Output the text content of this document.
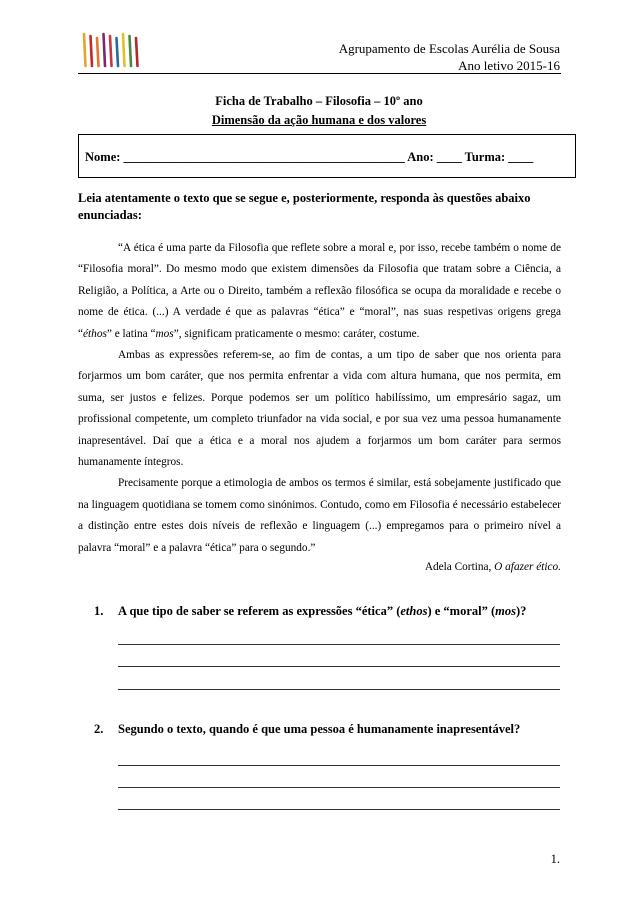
Agrupamento de Escolas Aurélia de Sousa
Ano letivo 2015-16
Ficha de Trabalho – Filosofia – 10º ano
Dimensão da ação humana e dos valores
Nome: _____________________________________________ Ano: ____ Turma: ____
Leia atentamente o texto que se segue e, posteriormente, responda às questões abaixo enunciadas:

“A ética é uma parte da Filosofia que reflete sobre a moral e, por isso, recebe também o nome de “Filosofia moral”. Do mesmo modo que existem dimensões da Filosofia que tratam sobre a Ciência, a Religião, a Política, a Arte ou o Direito, também a reflexão filosófica se ocupa da moralidade e recebe o nome de ética. (...) A verdade é que as palavras “ética” e “moral”, nas suas respetivas origens grega “éthos” e latina “mos”, significam praticamente o mesmo: caráter, costume.

Ambas as expressões referem-se, ao fim de contas, a um tipo de saber que nos orienta para forjarmos um bom caráter, que nos permita enfrentar a vida com altura humana, que nos permita, em suma, ser justos e felizes. Porque podemos ser um político habilíssimo, um empresário sagaz, um profissional competente, um completo triunfador na vida social, e por sua vez uma pessoa humanamente inapresentável. Daí que a ética e a moral nos ajudem a forjarmos um bom caráter para sermos humanamente íntegros.

Precisamente porque a etimologia de ambos os termos é similar, está sobejamente justificado que na linguagem quotidiana se tomem como sinónimos. Contudo, como em Filosofia é necessário estabelecer a distinção entre estes dois níveis de reflexão e linguagem (...) empregamos para o primeiro nível a palavra “moral” e a palavra “ética” para o segundo.”

Adela Cortina, O afazer ético.
1. A que tipo de saber se referem as expressões “ética” (ethos) e “moral” (mos)?
2. Segundo o texto, quando é que uma pessoa é humanamente inapresentável?
1.
